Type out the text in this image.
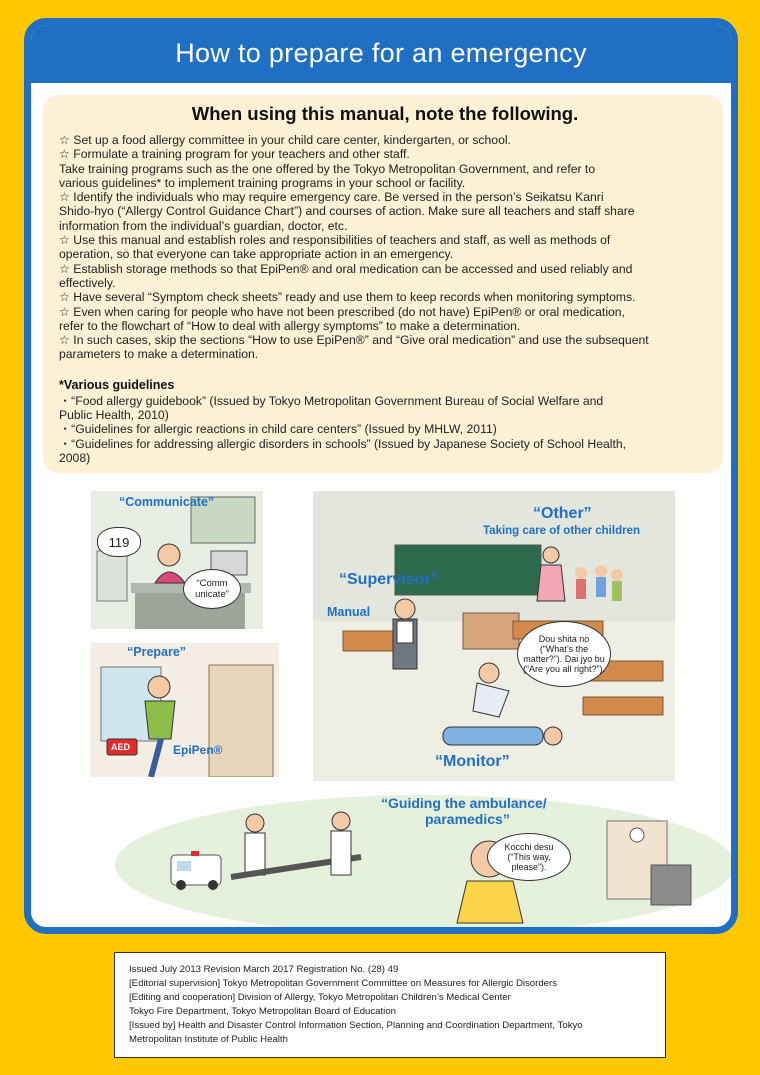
How to prepare for an emergency
When using this manual, note the following.

☆ Set up a food allergy committee in your child care center, kindergarten, or school.

☆ Formulate a training program for your teachers and other staff.

Take training programs such as the one offered by the Tokyo Metropolitan Government, and refer to

various guidelines* to implement training programs in your school or facility.

☆ Identify the individuals who may require emergency care. Be versed in the person’s Seikatsu Kanri

Shido-hyo (“Allergy Control Guidance Chart”) and courses of action. Make sure all teachers and staff share

information from the individual’s guardian, doctor, etc.

☆ Use this manual and establish roles and responsibilities of teachers and staff, as well as methods of

operation, so that everyone can take appropriate action in an emergency.

☆ Establish storage methods so that EpiPen® and oral medication can be accessed and used reliably and

effectively.

☆ Have several “Symptom check sheets” ready and use them to keep records when monitoring symptoms.

☆ Even when caring for people who have not been prescribed (do not have) EpiPen® or oral medication,

refer to the flowchart of “How to deal with allergy symptoms” to make a determination.

☆ In such cases, skip the sections “How to use EpiPen®” and “Give oral medication” and use the subsequent

parameters to make a determination.

*Various guidelines

・“Food allergy guidebook” (Issued by Tokyo Metropolitan Government Bureau of Social Welfare and

Public Health, 2010)

・“Guidelines for allergic reactions in child care centers” (Issued by MHLW, 2011)

・“Guidelines for addressing allergic disorders in schools” (Issued by Japanese Society of School Health,

2008)

“Communicate”
119
“Comm unicate”
“Prepare”
AED	EpiPen®
“Other”
Taking care of other children
“Supervisor”
Manual
Dou shita no (“What’s the matter?”). Dai jyo bu (“Are you all right?”).
“Monitor”
“Guiding the ambulance/
paramedics”
Kocchi desu (“This way, please”).

Issued July 2013 Revision March 2017 Registration No. (28) 49

[Editorial supervision] Tokyo Metropolitan Government Committee on Measures for Allergic Disorders

[Editing and cooperation] Division of Allergy, Tokyo Metropolitan Children’s Medical Center

Tokyo Fire Department, Tokyo Metropolitan Board of Education

[Issued by] Health and Disaster Control Information Section, Planning and Coordination Department, Tokyo

Metropolitan Institute of Public Health
